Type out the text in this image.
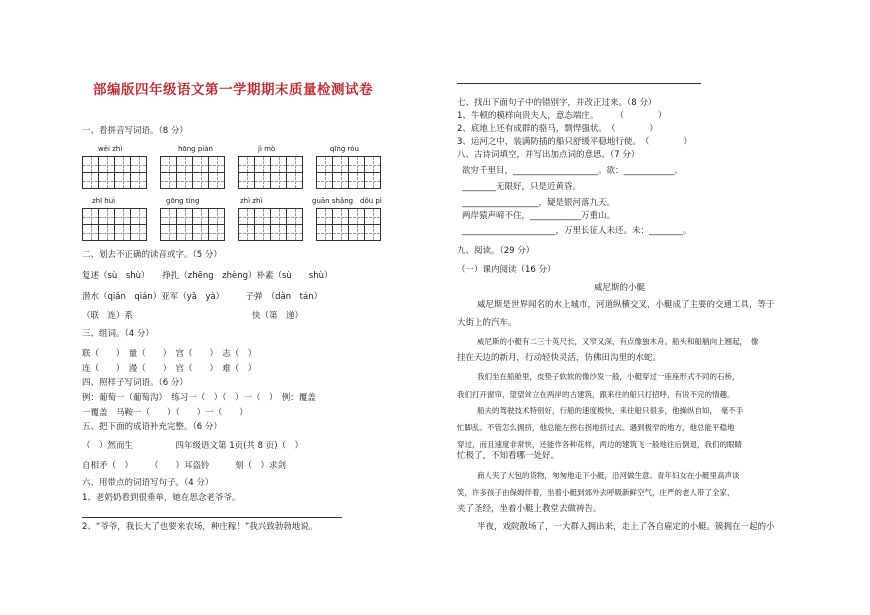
部编版四年级语文第一学期期末质量检测试卷
一、看拼音写词语。（8 分）
wèi zhì	hōng piàn	jì mò	qīng róu
zhī huì	gōng tíng	zhì zhì	guān shǎng dǒu pì
二、划去不正确的读音或字。（5 分）
复述（sù　shù）　　挣扎（zhēng　zhèng）朴素（sù　　shù）
潜水（qiǎn　qián）亚军（yǎ　yà）　　　子弹　（dàn　tán）
（联　连）系　　　　　　　　　　　　　　快（第　递）
三、组词。（4 分）
联（　　）　量（　　）　宫（　　）　志（　）
连（　　）　漫（　　）　官（　　）　难（　）
四、照样子写词语。（6 分）
例：葡萄一（葡萄沟）　练习一（　）（　）一（　）　例：覆盖
一覆盖　马鞍一（　　）（　　）一（　　）
五、把下面的成语补充完整。（6 分）
（　）然而生　　　　　四年级语文第 1页(共 8 页)（　）
自相矛（　）　　　（　　）耳盗铃　　　刻（　）求剑
六、用带点的词语写句子。（4 分）
1、老奶奶看到很垂单，她在思念老爷爷。
2、“爷爷，我长大了也要来农场，种庄稼！”我兴致勃勃地说。
七、找出下面句子中的错别字，并改正过来。（8 分）
1、牛顿的模样向贵夫人，意态端庄。　　　（　　　　）
2、底地上还有成群的骆马，剽悍强状。　（　　　　）
3、运河之中，装满防插的船只舒缓平稳地行使。　（　　　　）
八、古诗词填空，并写出加点词的意思。（7 分）
欲穷千里目，____________________。欲：____________。
________无限好，只是近黄昏。
__________________，疑是银河落九天。
两岸猿声啼不住，____________万重山。
______________________，万里长征人未还。未：________。
九、阅读。（29 分）
（一）课内阅读（16 分）
威尼斯的小艇
威尼斯是世界闻名的水上城市，河道纵横交叉，小艇成了主要的交通工具，等于
大街上的汽车。
威尼斯的小艇有二三十英尺长，又窄又深，有点像独木舟。船头和船艄向上翘起，　像
挂在天边的新月，行动轻快灵活，仿佛田沟里的水蛇。
我们坐在船舱里，皮垫子软软的像沙发一般，小艇穿过一座座形式不同的石桥，
我们打开窗帘，望望耸立在两岸的古建筑，跟来往的船只打招呼，有说不完的情趣。
船夫的驾驶技术特别好，行船的速度极快，来往船只很多，他操纵自如，　毫不手
忙脚乱。不管怎么拥挤，他总能左拐右拐地挤过去。遇到极窄的地方，他总能平稳地
穿过，而且速度非常快，还能作各种花样，两边的建筑飞一般地往后倒退，我们的眼睛
忙极了，不知看哪一处好。
商人夹了大包的货物，匆匆地走下小艇，沿河做生意。青年妇女在小艇里高声谈
笑，许多孩子由保姆伴着，坐着小艇到郊外去呼吸新鲜空气，庄严的老人带了全家，
夹了圣经，坐着小艇上教堂去做祷告。
半夜，戏院散场了，一大群人拥出来，走上了各自雇定的小艇。簇拥在一起的小
